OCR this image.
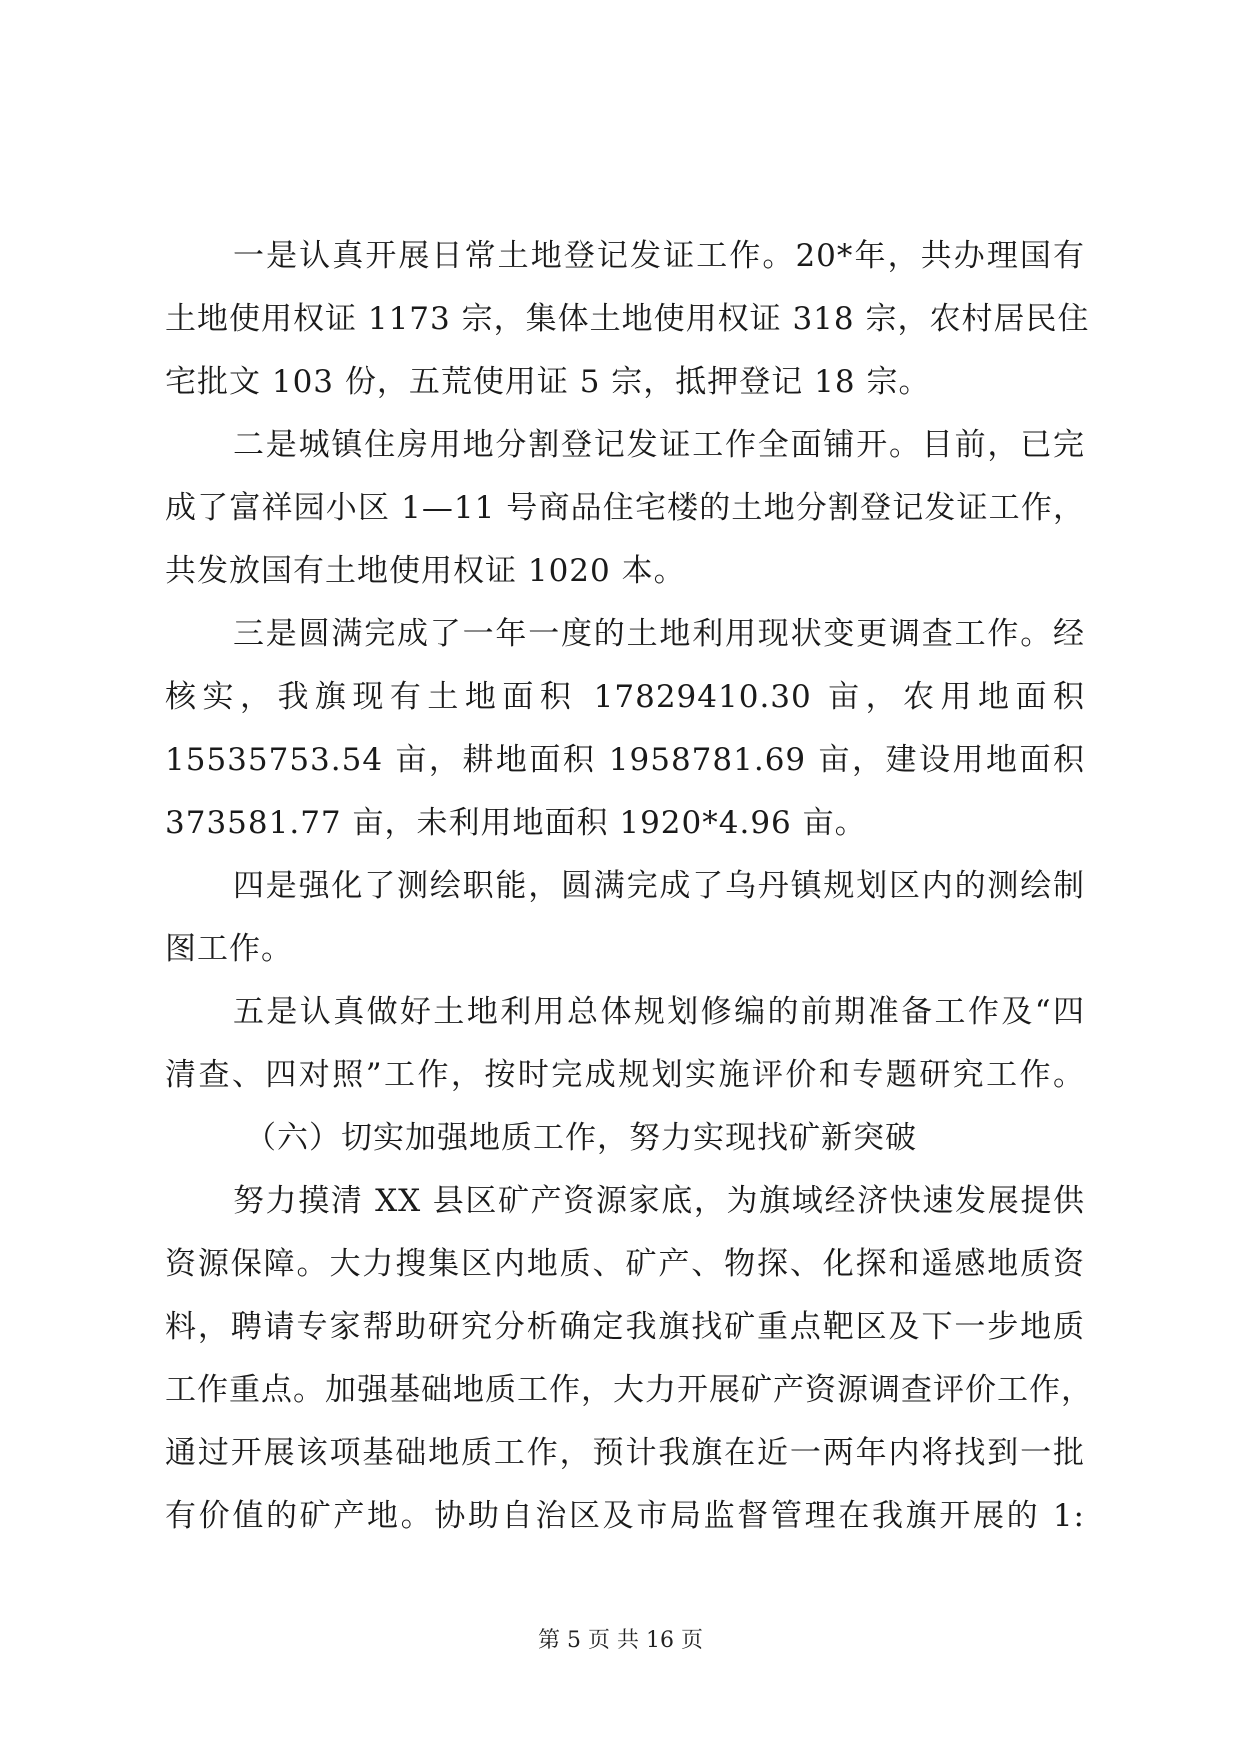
一是认真开展日常土地登记发证工作。20*年，共办理国有
土地使用权证 1173 宗，集体土地使用权证 318 宗，农村居民住
宅批文 103 份，五荒使用证 5 宗，抵押登记 18 宗。
二是城镇住房用地分割登记发证工作全面铺开。目前，已完
成了富祥园小区 1—11 号商品住宅楼的土地分割登记发证工作，
共发放国有土地使用权证 1020 本。
三是圆满完成了一年一度的土地利用现状变更调查工作。经
核实，我旗现有土地面积 17829410.30 亩，农用地面积
15535753.54 亩，耕地面积 1958781.69 亩，建设用地面积
373581.77 亩，未利用地面积 1920*4.96 亩。
四是强化了测绘职能，圆满完成了乌丹镇规划区内的测绘制
图工作。
五是认真做好土地利用总体规划修编的前期准备工作及“四
清查、四对照”工作，按时完成规划实施评价和专题研究工作。
（六）切实加强地质工作，努力实现找矿新突破
努力摸清 XX 县区矿产资源家底，为旗域经济快速发展提供
资源保障。大力搜集区内地质、矿产、物探、化探和遥感地质资
料，聘请专家帮助研究分析确定我旗找矿重点靶区及下一步地质
工作重点。加强基础地质工作，大力开展矿产资源调查评价工作，
通过开展该项基础地质工作，预计我旗在近一两年内将找到一批
有价值的矿产地。协助自治区及市局监督管理在我旗开展的 1:
第 5 页 共 16 页
